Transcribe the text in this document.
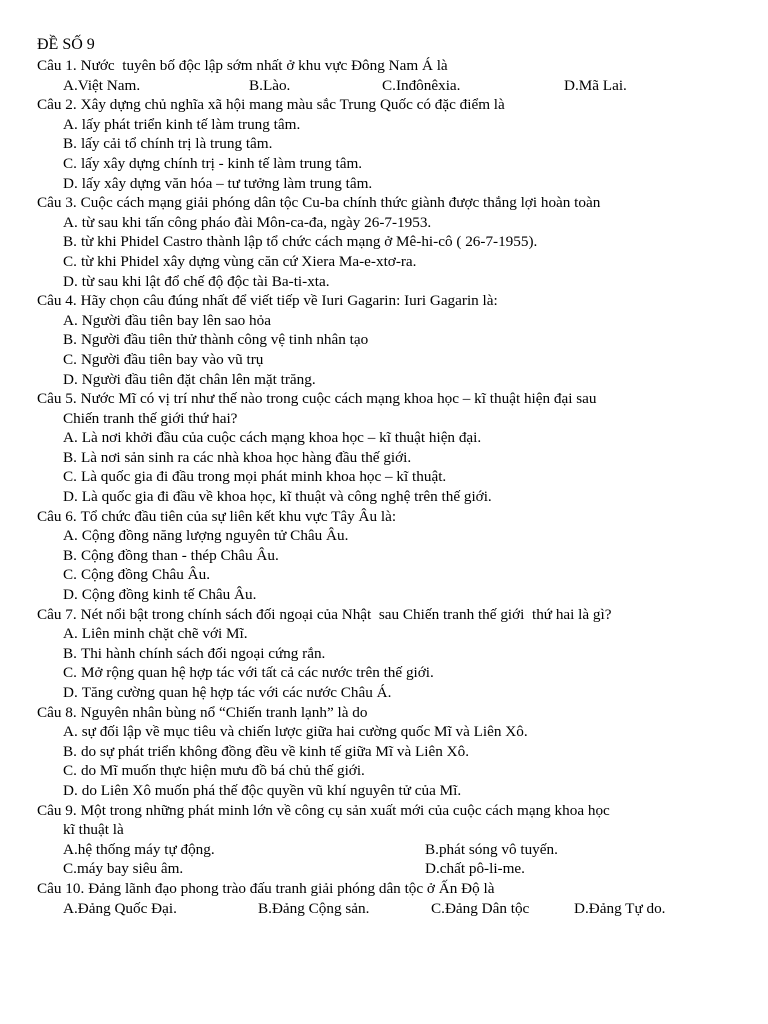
ĐỀ SỐ 9
Câu 1. Nước  tuyên bố độc lập sớm nhất ở khu vực Đông Nam Á là
A.Việt Nam.	B.Lào.	C.Inđônêxia.	D.Mã Lai.
Câu 2. Xây dựng chủ nghĩa xã hội mang màu sắc Trung Quốc có đặc điểm là
A. lấy phát triển kinh tế làm trung tâm.
B. lấy cải tổ chính trị là trung tâm.
C. lấy xây dựng chính trị - kinh tế làm trung tâm.
D. lấy xây dựng văn hóa – tư tưởng làm trung tâm.
Câu 3. Cuộc cách mạng giải phóng dân tộc Cu-ba chính thức giành được thắng lợi hoàn toàn
A. từ sau khi tấn công pháo đài Môn-ca-đa, ngày 26-7-1953.
B. từ khi Phidel Castro thành lập tổ chức cách mạng ở Mê-hi-cô ( 26-7-1955).
C. từ khi Phidel xây dựng vùng căn cứ Xiera Ma-e-xtơ-ra.
D. từ sau khi lật đổ chế độ độc tài Ba-ti-xta.
Câu 4. Hãy chọn câu đúng nhất để viết tiếp về Iuri Gagarin: Iuri Gagarin là:
A. Người đầu tiên bay lên sao hỏa
B. Người đầu tiên thử thành công vệ tinh nhân tạo
C. Người đầu tiên bay vào vũ trụ
D. Người đầu tiên đặt chân lên mặt trăng.
Câu 5. Nước Mĩ có vị trí như thế nào trong cuộc cách mạng khoa học – kĩ thuật hiện đại sau
Chiến tranh thế giới thứ hai?
A. Là nơi khởi đầu của cuộc cách mạng khoa học – kĩ thuật hiện đại.
B. Là nơi sản sinh ra các nhà khoa học hàng đầu thế giới.
C. Là quốc gia đi đầu trong mọi phát minh khoa học – kĩ thuật.
D. Là quốc gia đi đầu về khoa học, kĩ thuật và công nghệ trên thế giới.
Câu 6. Tổ chức đầu tiên của sự liên kết khu vực Tây Âu là:
A. Cộng đồng năng lượng nguyên tử Châu Âu.
B. Cộng đồng than - thép Châu Âu.
C. Cộng đồng Châu Âu.
D. Cộng đồng kinh tế Châu Âu.
Câu 7. Nét nổi bật trong chính sách đối ngoại của Nhật  sau Chiến tranh thế giới  thứ hai là gì?
A. Liên minh chặt chẽ với Mĩ.
B. Thi hành chính sách đối ngoại cứng rắn.
C. Mở rộng quan hệ hợp tác với tất cả các nước trên thế giới.
D. Tăng cường quan hệ hợp tác với các nước Châu Á.
Câu 8. Nguyên nhân bùng nổ “Chiến tranh lạnh” là do
A. sự đối lập về mục tiêu và chiến lược giữa hai cường quốc Mĩ và Liên Xô.
B. do sự phát triển không đồng đều về kinh tế giữa Mĩ và Liên Xô.
C. do Mĩ muốn thực hiện mưu đồ bá chủ thế giới.
D. do Liên Xô muốn phá thế độc quyền vũ khí nguyên tử của Mĩ.
Câu 9. Một trong những phát minh lớn về công cụ sản xuất mới của cuộc cách mạng khoa học
kĩ thuật là
A.hệ thống máy tự động.	B.phát sóng vô tuyến.
C.máy bay siêu âm.	D.chất pô-li-me.
Câu 10. Đảng lãnh đạo phong trào đấu tranh giải phóng dân tộc ở Ấn Độ là
A.Đảng Quốc Đại.	B.Đảng Cộng sản.	C.Đảng Dân tộc	D.Đảng Tự do.
